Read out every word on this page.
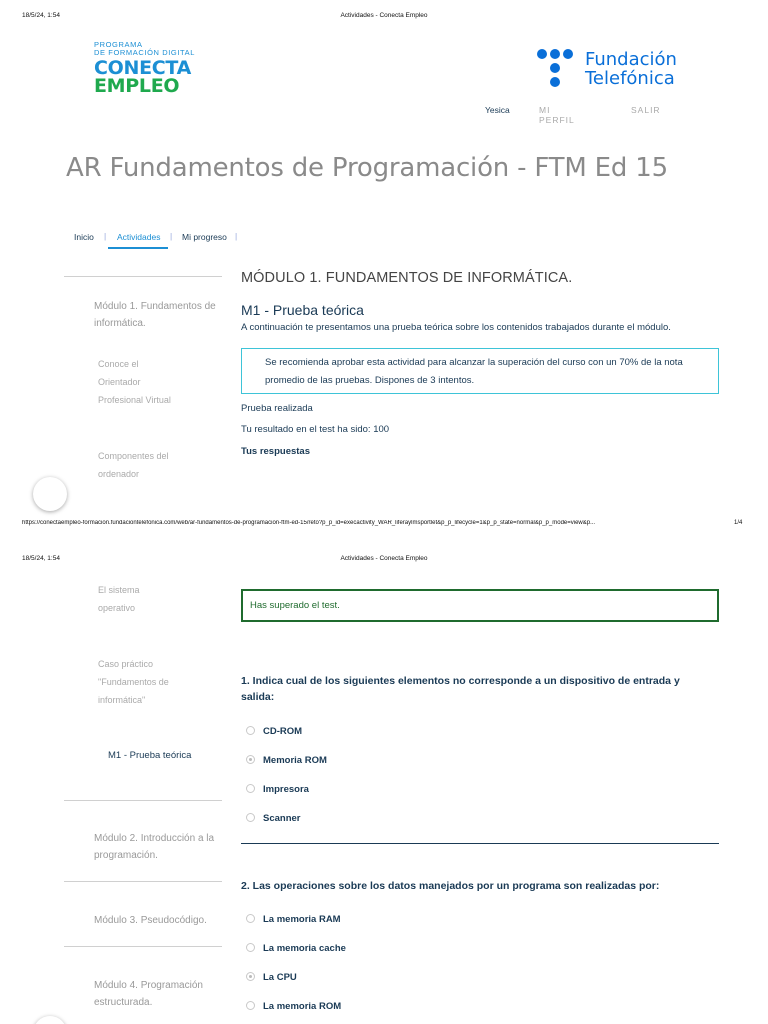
18/5/24, 1:54	Actividades - Conecta Empleo
PROGRAMA
DE FORMACIÓN DIGITAL
CONECTA
EMPLEO
Fundación
Telefónica
Yesica	MI PERFIL
SALIR
AR Fundamentos de Programación - FTM Ed 15
Inicio | Actividades | Mi progreso |
Módulo 1. Fundamentos de
informática.
Conoce el
Orientador
Profesional Virtual
Componentes del
ordenador
MÓDULO 1. FUNDAMENTOS DE INFORMÁTICA.
M1 - Prueba teórica
A continuación te presentamos una prueba teórica sobre los contenidos trabajados durante el módulo.
Se recomienda aprobar esta actividad para alcanzar la superación del curso con un 70% de la nota
promedio de las pruebas. Dispones de 3 intentos.
Prueba realizada
Tu resultado en el test ha sido: 100
Tus respuestas
https://conectaempleo-formacion.fundaciontelefonica.com/web/ar-fundamentos-de-programacion-ftm-ed-15/reto?p_p_id=execactivity_WAR_liferaylmsportlet&p_p_lifecycle=1&p_p_state=normal&p_p_mode=view&p...	1/4
18/5/24, 1:54	Actividades - Conecta Empleo
El sistema
operativo
Caso práctico
"Fundamentos de
informática"
M1 - Prueba teórica
Módulo 2. Introducción a la
programación.
Módulo 3. Pseudocódigo.
Módulo 4. Programación
estructurada.
Has superado el test.
1. Indica cual de los siguientes elementos no corresponde a un dispositivo de entrada y
salida:
CD-ROM
Memoria ROM
Impresora
Scanner
2. Las operaciones sobre los datos manejados por un programa son realizadas por:
La memoria RAM
La memoria cache
La CPU
La memoria ROM
